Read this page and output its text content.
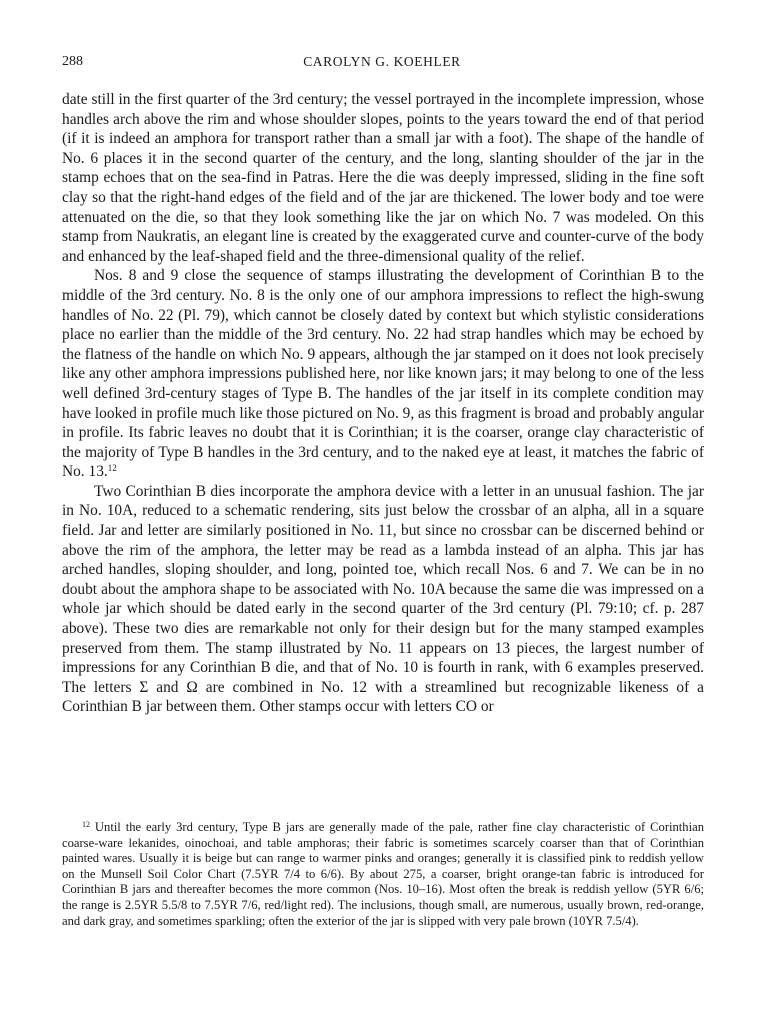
288	CAROLYN G. KOEHLER

date still in the first quarter of the 3rd century; the vessel portrayed in the incomplete impression, whose handles arch above the rim and whose shoulder slopes, points to the years toward the end of that period (if it is indeed an amphora for transport rather than a small jar with a foot). The shape of the handle of No. 6 places it in the second quarter of the century, and the long, slanting shoulder of the jar in the stamp echoes that on the sea-find in Patras. Here the die was deeply impressed, sliding in the fine soft clay so that the right-hand edges of the field and of the jar are thickened. The lower body and toe were attenuated on the die, so that they look something like the jar on which No. 7 was modeled. On this stamp from Naukratis, an elegant line is created by the exaggerated curve and counter-curve of the body and enhanced by the leaf-shaped field and the three-dimensional quality of the relief.

Nos. 8 and 9 close the sequence of stamps illustrating the development of Corinthian B to the middle of the 3rd century. No. 8 is the only one of our amphora impressions to reflect the high-swung handles of No. 22 (Pl. 79), which cannot be closely dated by context but which stylistic considerations place no earlier than the middle of the 3rd century. No. 22 had strap handles which may be echoed by the flatness of the handle on which No. 9 appears, although the jar stamped on it does not look precisely like any other amphora impressions published here, nor like known jars; it may belong to one of the less well defined 3rd-century stages of Type B. The handles of the jar itself in its complete condition may have looked in profile much like those pictured on No. 9, as this fragment is broad and probably angular in profile. Its fabric leaves no doubt that it is Corinthian; it is the coarser, orange clay characteristic of the majority of Type B handles in the 3rd century, and to the naked eye at least, it matches the fabric of No. 13.12

Two Corinthian B dies incorporate the amphora device with a letter in an unusual fashion. The jar in No. 10A, reduced to a schematic rendering, sits just below the crossbar of an alpha, all in a square field. Jar and letter are similarly positioned in No. 11, but since no crossbar can be discerned behind or above the rim of the amphora, the letter may be read as a lambda instead of an alpha. This jar has arched handles, sloping shoulder, and long, pointed toe, which recall Nos. 6 and 7. We can be in no doubt about the amphora shape to be associated with No. 10A because the same die was impressed on a whole jar which should be dated early in the second quarter of the 3rd century (Pl. 79:10; cf. p. 287 above). These two dies are remarkable not only for their design but for the many stamped examples preserved from them. The stamp illustrated by No. 11 appears on 13 pieces, the largest number of impressions for any Corinthian B die, and that of No. 10 is fourth in rank, with 6 examples preserved. The letters Σ and Ω are combined in No. 12 with a streamlined but recognizable likeness of a Corinthian B jar between them. Other stamps occur with letters CO or

$^{12}$ Until the early 3rd century, Type B jars are generally made of the pale, rather fine clay characteristic of Corinthian coarse-ware lekanides, oinochoai, and table amphoras; their fabric is sometimes scarcely coarser than that of Corinthian painted wares. Usually it is beige but can range to warmer pinks and oranges; generally it is classified pink to reddish yellow on the Munsell Soil Color Chart (7.5YR 7/4 to 6/6). By about 275, a coarser, bright orange-tan fabric is introduced for Corinthian B jars and thereafter becomes the more common (Nos. 10–16). Most often the break is reddish yellow (5YR 6/6; the range is 2.5YR 5.5/8 to 7.5YR 7/6, red/light red). The inclusions, though small, are numerous, usually brown, red-orange, and dark gray, and sometimes sparkling; often the exterior of the jar is slipped with very pale brown (10YR 7.5/4).
